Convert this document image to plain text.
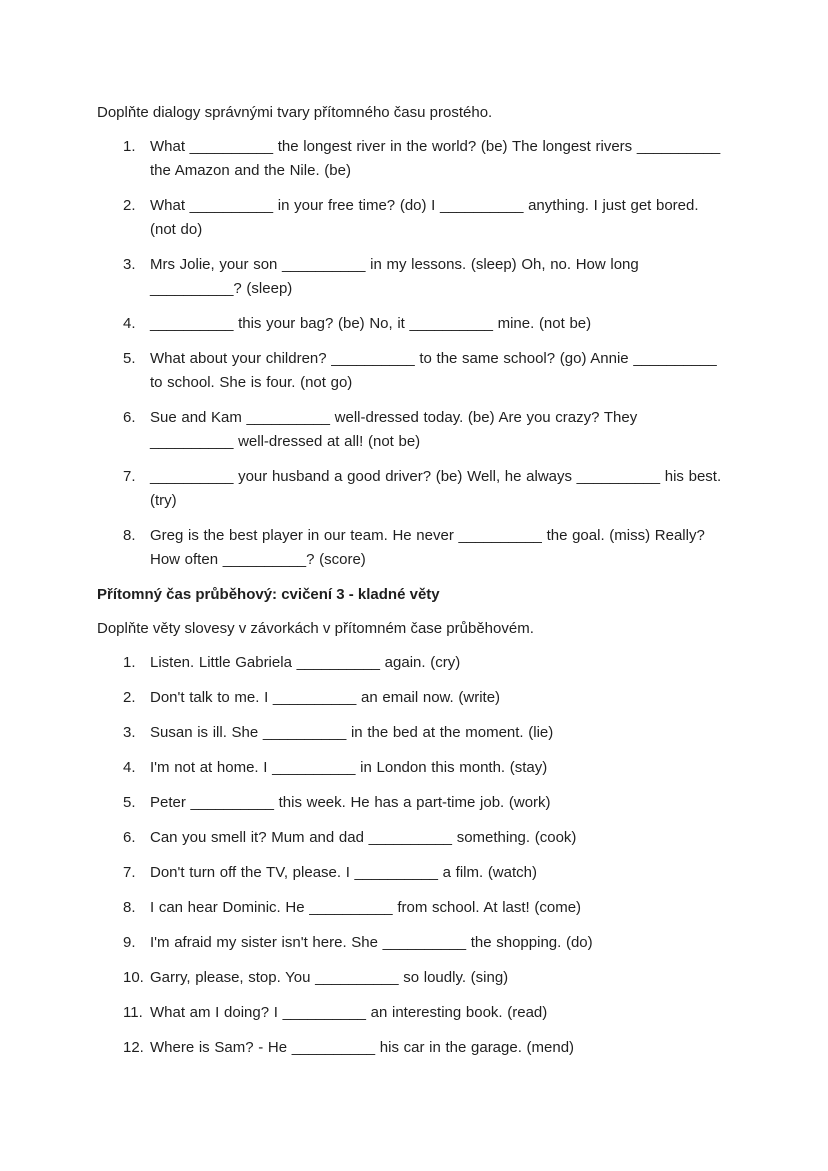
Doplňte dialogy správnými tvary přítomného času prostého.

1. What __________ the longest river in the world? (be) The longest rivers __________ the Amazon and the Nile. (be)
2. What __________ in your free time? (do) I __________ anything. I just get bored. (not do)
3. Mrs Jolie, your son __________ in my lessons. (sleep) Oh, no. How long __________? (sleep)
4. __________ this your bag? (be) No, it __________ mine. (not be)
5. What about your children? __________ to the same school? (go) Annie __________ to school. She is four. (not go)
6. Sue and Kam __________ well-dressed today. (be) Are you crazy? They __________ well-dressed at all! (not be)
7. __________ your husband a good driver? (be) Well, he always __________ his best. (try)
8. Greg is the best player in our team. He never __________ the goal. (miss) Really? How often __________? (score)
Přítomný čas průběhový: cvičení 3 - kladné věty

Doplňte věty slovesy v závorkách v přítomném čase průběhovém.

1. Listen. Little Gabriela __________ again. (cry)
2. Don't talk to me. I __________ an email now. (write)
3. Susan is ill. She __________ in the bed at the moment. (lie)
4. I'm not at home. I __________ in London this month. (stay)
5. Peter __________ this week. He has a part-time job. (work)
6. Can you smell it? Mum and dad __________ something. (cook)
7. Don't turn off the TV, please. I __________ a film. (watch)
8. I can hear Dominic. He __________ from school. At last! (come)
9. I'm afraid my sister isn't here. She __________ the shopping. (do)
10. Garry, please, stop. You __________ so loudly. (sing)
11. What am I doing? I __________ an interesting book. (read)
12. Where is Sam? - He __________ his car in the garage. (mend)
